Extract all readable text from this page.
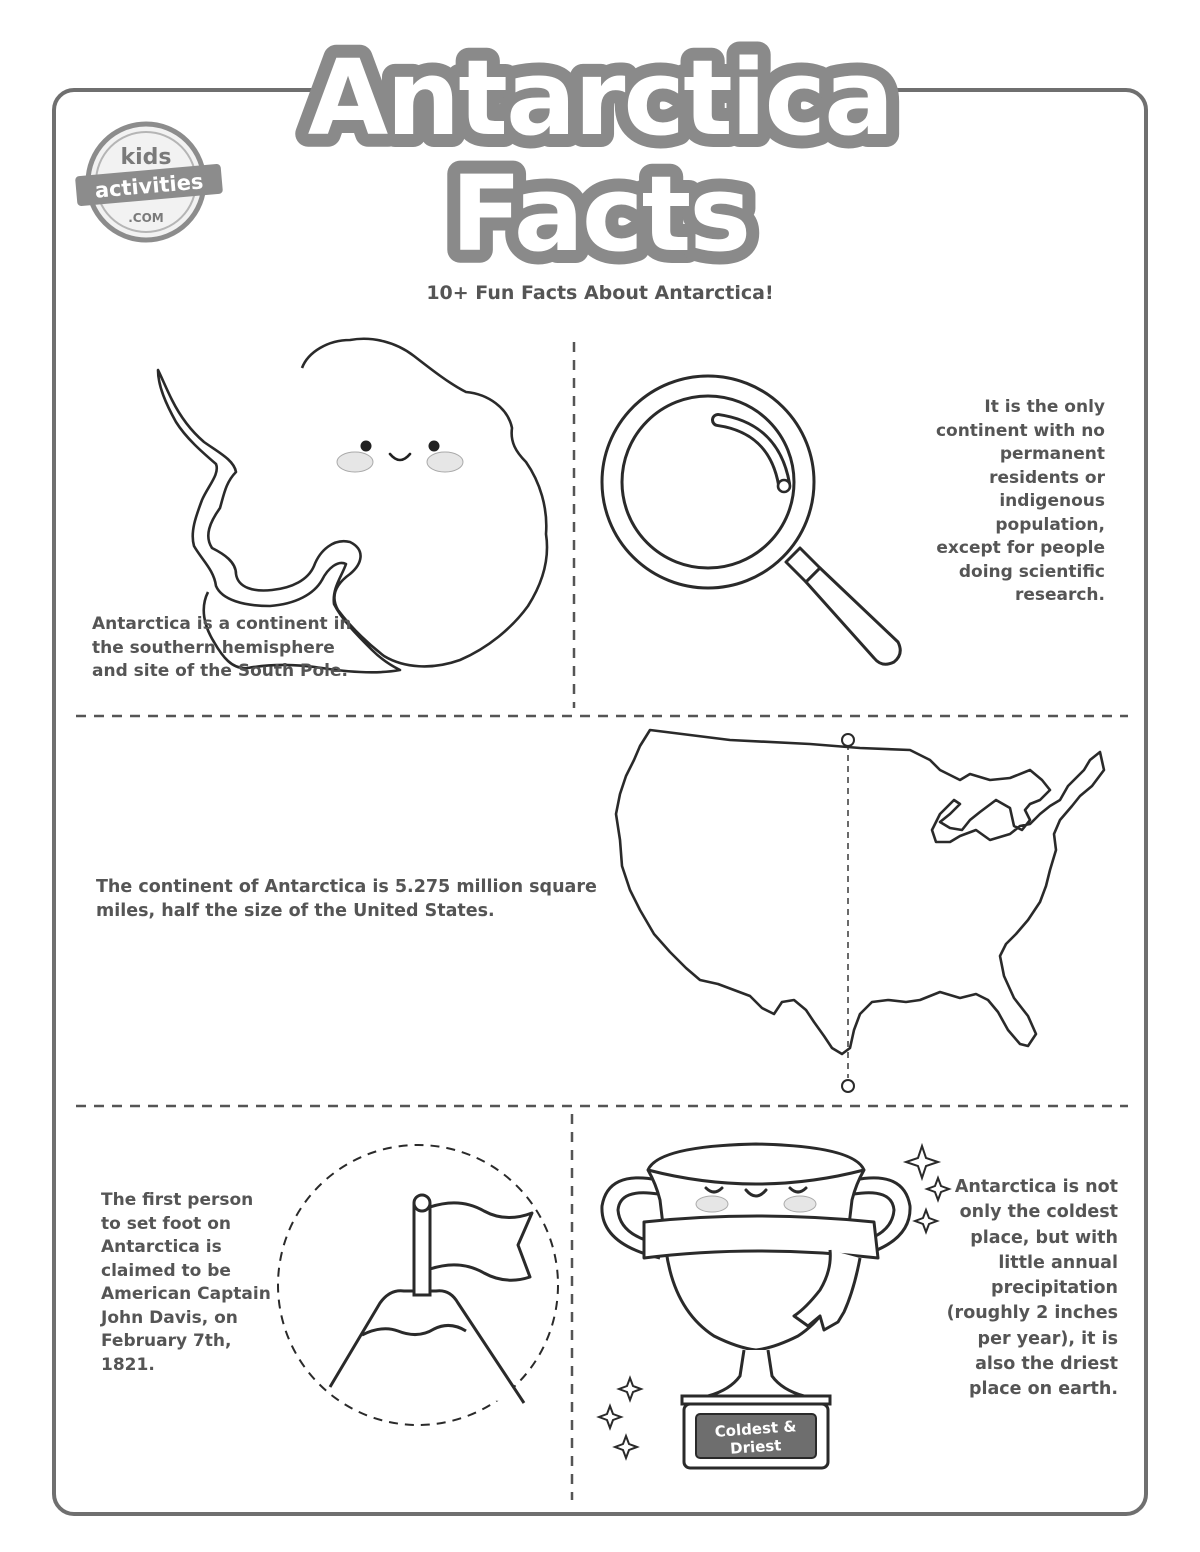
Antarctica
Facts
kids
activities
.COM
10+ Fun Facts About Antarctica!
Coldest &
Driest

Antarctica is a continent in the southern hemisphere and site of the South Pole.

It is the only continent with no permanent residents or indigenous population, except for people doing scientific research.

The continent of Antarctica is 5.275 million square miles, half the size of the United States.

The first person to set foot on Antarctica is claimed to be American Captain John Davis, on February 7th, 1821.

Antarctica is not only the coldest place, but with little annual precipitation (roughly 2 inches per year), it is also the driest place on earth.
